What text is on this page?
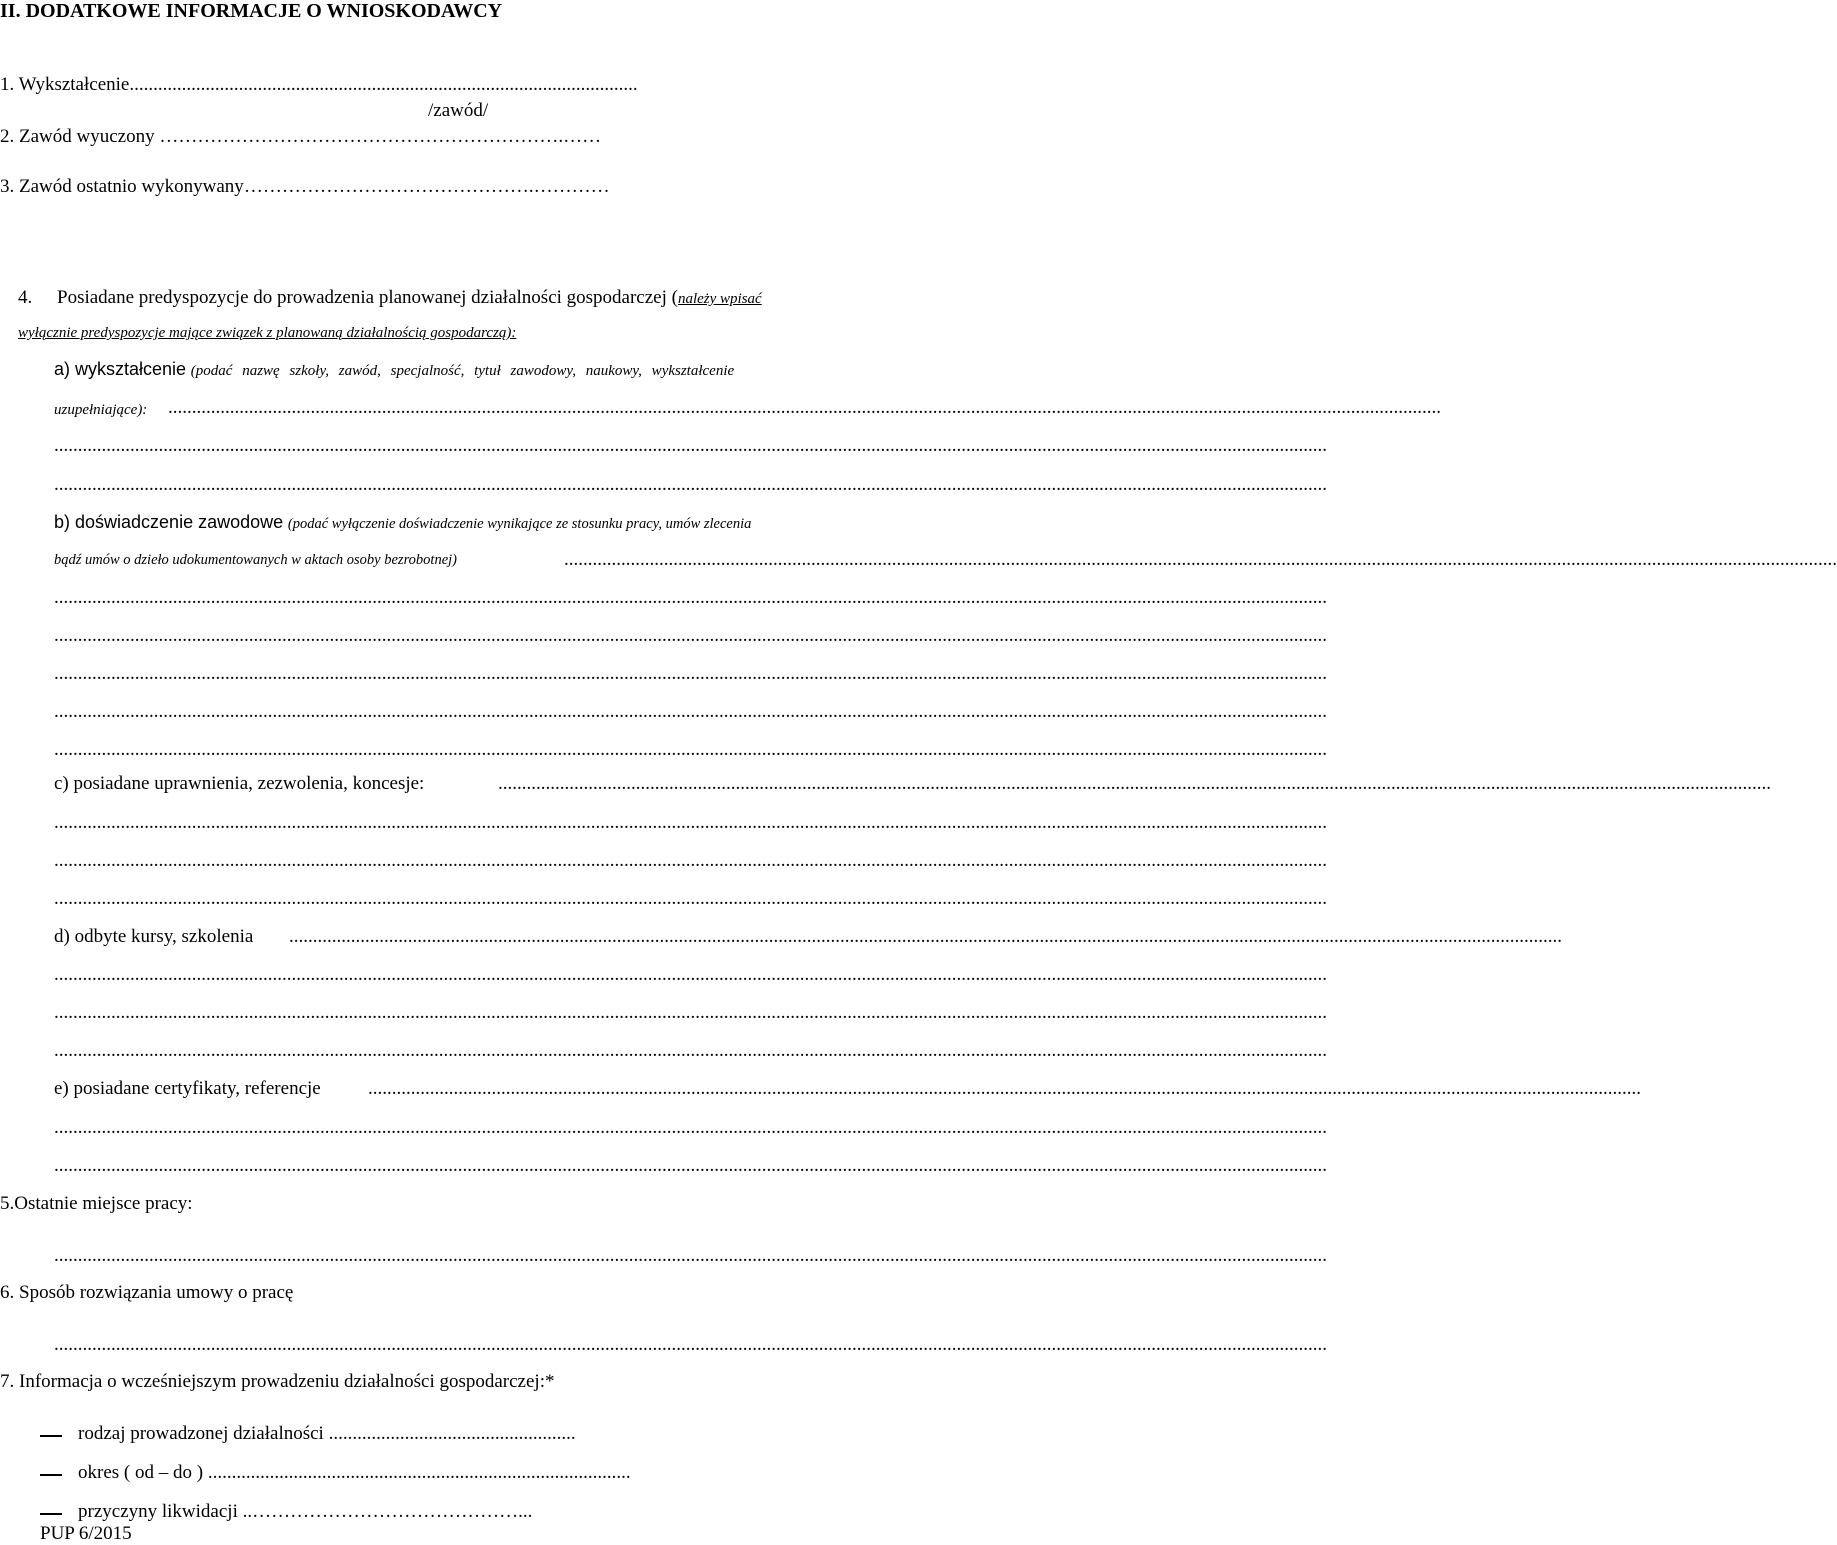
II. DODATKOWE INFORMACJE O WNIOSKODAWCY
1. Wykształcenie...........................................................................................................
/zawód/
2. Zawód wyuczony ……………………………………………………….……
3. Zawód ostatnio wykonywany……………………………………….…………
4. Posiadane predyspozycje do prowadzenia planowanej działalności gospodarczej (należy wpisać
wyłącznie predyspozycje mające związek z planowaną działalnością gospodarczą):
a) wykształcenie (podać nazwę szkoły, zawód, specjalność, tytuł zawodowy, naukowy, wykształcenie
uzupełniające): ............................................................................................................................................................................................................................................................................
............................................................................................................................................................................................................................................................................
............................................................................................................................................................................................................................................................................
b) doświadczenie zawodowe (podać wyłączenie doświadczenie wynikające ze stosunku pracy, umów zlecenia
bądź umów o dzieło udokumentowanych w aktach osoby bezrobotnej)	............................................................................................................................................................................................................................................................................
............................................................................................................................................................................................................................................................................
............................................................................................................................................................................................................................................................................
............................................................................................................................................................................................................................................................................
............................................................................................................................................................................................................................................................................
............................................................................................................................................................................................................................................................................
c) posiadane uprawnienia, zezwolenia, koncesje:	............................................................................................................................................................................................................................................................................
............................................................................................................................................................................................................................................................................
............................................................................................................................................................................................................................................................................
............................................................................................................................................................................................................................................................................
d) odbyte kursy, szkolenia ............................................................................................................................................................................................................................................................................
............................................................................................................................................................................................................................................................................
............................................................................................................................................................................................................................................................................
............................................................................................................................................................................................................................................................................
e) posiadane certyfikaty, referencje ............................................................................................................................................................................................................................................................................
............................................................................................................................................................................................................................................................................
............................................................................................................................................................................................................................................................................
5.Ostatnie miejsce pracy:
............................................................................................................................................................................................................................................................................
6. Sposób rozwiązania umowy o pracę
............................................................................................................................................................................................................................................................................
7. Informacja o wcześniejszym prowadzeniu działalności gospodarczej:*
rodzaj prowadzonej działalności ....................................................
okres ( od – do ) .........................................................................................
przyczyny likwidacji ..……………………………………...
PUP 6/2015
